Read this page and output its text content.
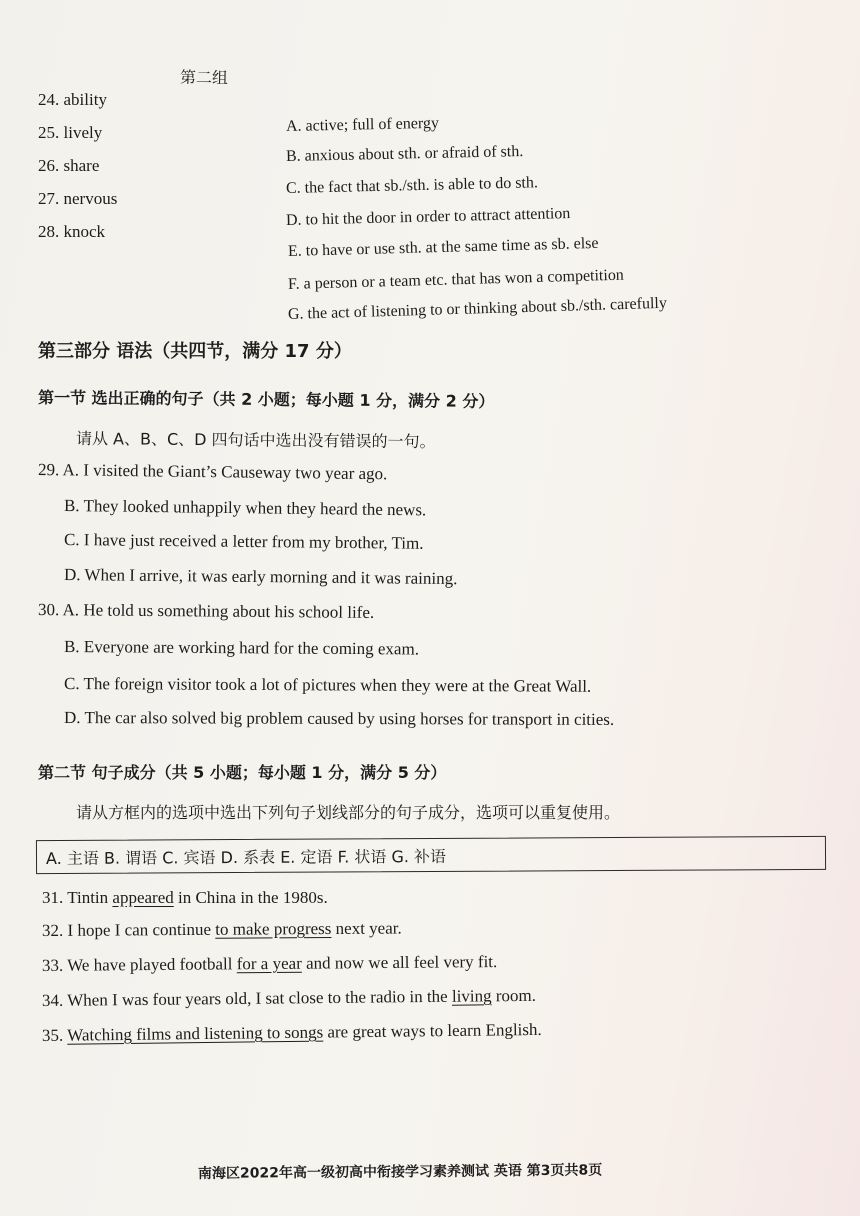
第二组
24. ability
25. lively
26. share
27. nervous
28. knock
A. active; full of energy
B. anxious about sth. or afraid of sth.
C. the fact that sb./sth. is able to do sth.
D. to hit the door in order to attract attention
E. to have or use sth. at the same time as sb. else
F. a person or a team etc. that has won a competition
G. the act of listening to or thinking about sb./sth. carefully
第三部分 语法（共四节，满分 17 分）
第一节 选出正确的句子（共 2 小题；每小题 1 分，满分 2 分）
请从 A、B、C、D 四句话中选出没有错误的一句。
29. A. I visited the Giant’s Causeway two year ago.
B. They looked unhappily when they heard the news.
C. I have just received a letter from my brother, Tim.
D. When I arrive, it was early morning and it was raining.
30. A. He told us something about his school life.
B. Everyone are working hard for the coming exam.
C. The foreign visitor took a lot of pictures when they were at the Great Wall.
D. The car also solved big problem caused by using horses for transport in cities.
第二节 句子成分（共 5 小题；每小题 1 分，满分 5 分）
请从方框内的选项中选出下列句子划线部分的句子成分，选项可以重复使用。
A. 主语 B. 谓语 C. 宾语 D. 系表 E. 定语 F. 状语 G. 补语
31. Tintin appeared in China in the 1980s.
32. I hope I can continue to make progress next year.
33. We have played football for a year and now we all feel very fit.
34. When I was four years old, I sat close to the radio in the living room.
35. Watching films and listening to songs are great ways to learn English.
南海区2022年高一级初高中衔接学习素养测试 英语 第3页共8页
